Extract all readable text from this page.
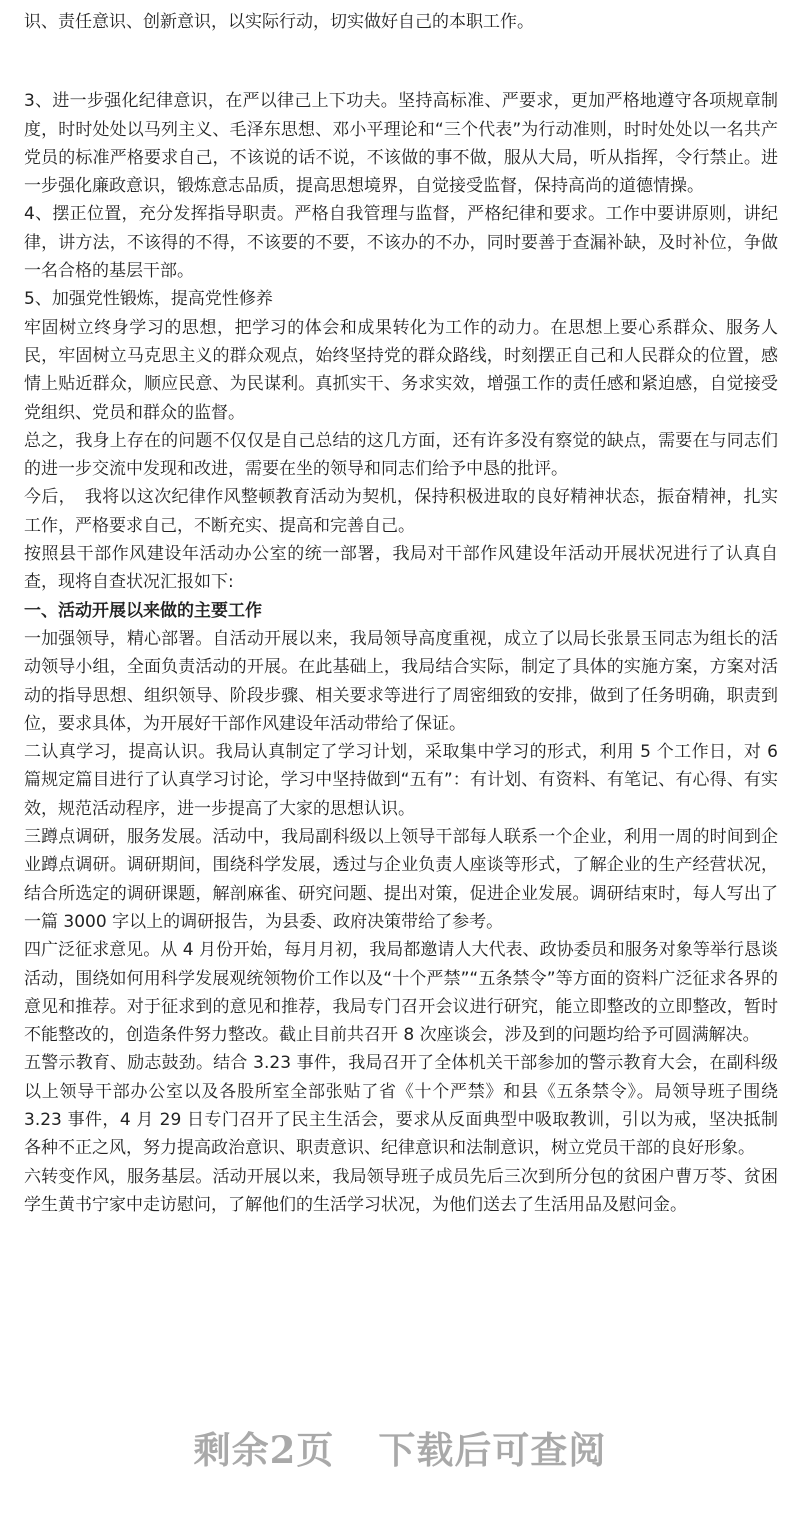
识、责任意识、创新意识，以实际行动，切实做好自己的本职工作。

3、进一步强化纪律意识，在严以律己上下功夫。坚持高标准、严要求，更加严格地遵守各项规章制度，时时处处以马列主义、毛泽东思想、邓小平理论和“三个代表”为行动准则，时时处处以一名共产党员的标准严格要求自己，不该说的话不说，不该做的事不做，服从大局，听从指挥，令行禁止。进一步强化廉政意识，锻炼意志品质，提高思想境界，自觉接受监督，保持高尚的道德情操。

4、摆正位置，充分发挥指导职责。严格自我管理与监督，严格纪律和要求。工作中要讲原则，讲纪律，讲方法，不该得的不得，不该要的不要，不该办的不办，同时要善于查漏补缺，及时补位，争做一名合格的基层干部。

5、加强党性锻炼，提高党性修养

牢固树立终身学习的思想，把学习的体会和成果转化为工作的动力。在思想上要心系群众、服务人民，牢固树立马克思主义的群众观点，始终坚持党的群众路线，时刻摆正自己和人民群众的位置，感情上贴近群众，顺应民意、为民谋利。真抓实干、务求实效，增强工作的责任感和紧迫感，自觉接受党组织、党员和群众的监督。

总之，我身上存在的问题不仅仅是自己总结的这几方面，还有许多没有察觉的缺点，需要在与同志们的进一步交流中发现和改进，需要在坐的领导和同志们给予中恳的批评。

今后，　我将以这次纪律作风整顿教育活动为契机，保持积极进取的良好精神状态，振奋精神，扎实工作，严格要求自己，不断充实、提高和完善自己。

按照县干部作风建设年活动办公室的统一部署，我局对干部作风建设年活动开展状况进行了认真自查，现将自查状况汇报如下:

一、活动开展以来做的主要工作

一加强领导，精心部署。自活动开展以来，我局领导高度重视，成立了以局长张景玉同志为组长的活动领导小组，全面负责活动的开展。在此基础上，我局结合实际，制定了具体的实施方案，方案对活动的指导思想、组织领导、阶段步骤、相关要求等进行了周密细致的安排，做到了任务明确，职责到位，要求具体，为开展好干部作风建设年活动带给了保证。

二认真学习，提高认识。我局认真制定了学习计划，采取集中学习的形式，利用 5 个工作日，对 6 篇规定篇目进行了认真学习讨论，学习中坚持做到“五有”：有计划、有资料、有笔记、有心得、有实效，规范活动程序，进一步提高了大家的思想认识。

三蹲点调研，服务发展。活动中，我局副科级以上领导干部每人联系一个企业，利用一周的时间到企业蹲点调研。调研期间，围绕科学发展，透过与企业负责人座谈等形式，了解企业的生产经营状况，结合所选定的调研课题，解剖麻雀、研究问题、提出对策，促进企业发展。调研结束时，每人写出了一篇 3000 字以上的调研报告，为县委、政府决策带给了参考。

四广泛征求意见。从 4 月份开始，每月月初，我局都邀请人大代表、政协委员和服务对象等举行恳谈活动，围绕如何用科学发展观统领物价工作以及“十个严禁”“五条禁令”等方面的资料广泛征求各界的意见和推荐。对于征求到的意见和推荐，我局专门召开会议进行研究，能立即整改的立即整改，暂时不能整改的，创造条件努力整改。截止目前共召开 8 次座谈会，涉及到的问题均给予可圆满解决。

五警示教育、励志鼓劲。结合 3.23 事件，我局召开了全体机关干部参加的警示教育大会，在副科级以上领导干部办公室以及各股所室全部张贴了省《十个严禁》和县《五条禁令》。局领导班子围绕 3.23 事件，4 月 29 日专门召开了民主生活会，要求从反面典型中吸取教训，引以为戒，坚决抵制各种不正之风，努力提高政治意识、职责意识、纪律意识和法制意识，树立党员干部的良好形象。

六转变作风，服务基层。活动开展以来，我局领导班子成员先后三次到所分包的贫困户曹万苓、贫困学生黄书宁家中走访慰问，了解他们的生活学习状况，为他们送去了生活用品及慰问金。

剩余2页 下载后可查阅
